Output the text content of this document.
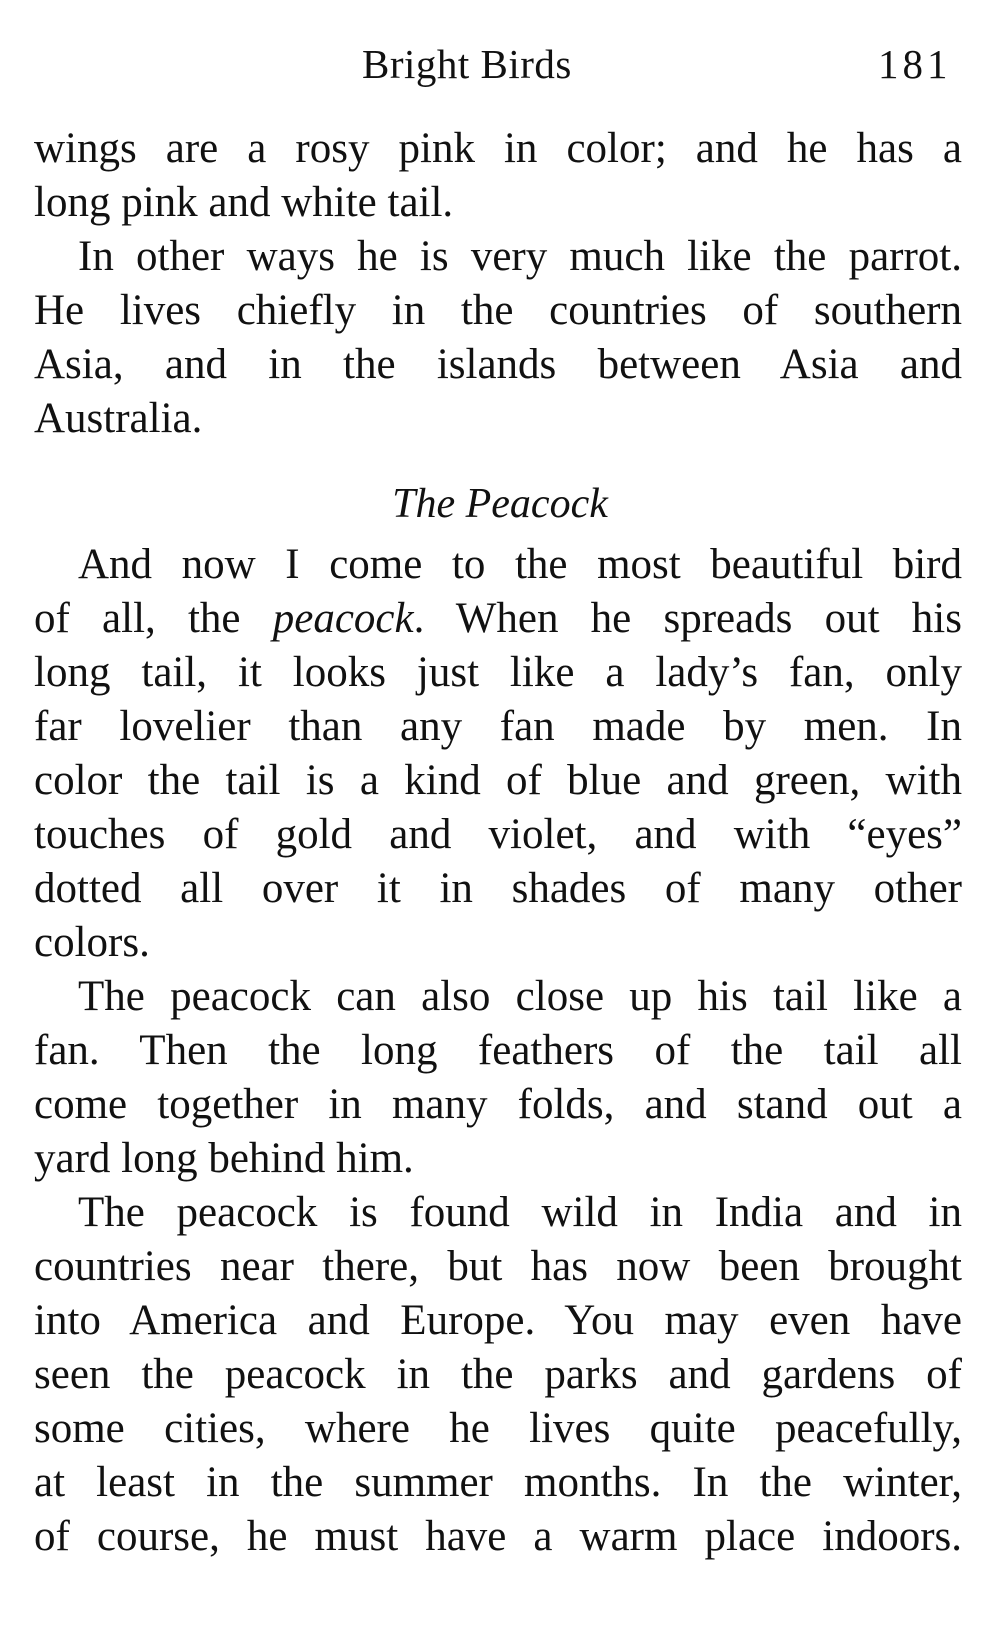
Bright Birds	181
wings are a rosy pink in color; and he has a
long pink and white tail.
In other ways he is very much like the parrot.
He lives chiefly in the countries of southern
Asia, and in the islands between Asia and
Australia.
The Peacock
And now I come to the most beautiful bird
of all, the peacock. When he spreads out his
long tail, it looks just like a lady’s fan, only
far lovelier than any fan made by men. In
color the tail is a kind of blue and green, with
touches of gold and violet, and with “eyes”
dotted all over it in shades of many other
colors.
The peacock can also close up his tail like a
fan. Then the long feathers of the tail all
come together in many folds, and stand out a
yard long behind him.
The peacock is found wild in India and in
countries near there, but has now been brought
into America and Europe. You may even have
seen the peacock in the parks and gardens of
some cities, where he lives quite peacefully,
at least in the summer months. In the winter,
of course, he must have a warm place indoors.
